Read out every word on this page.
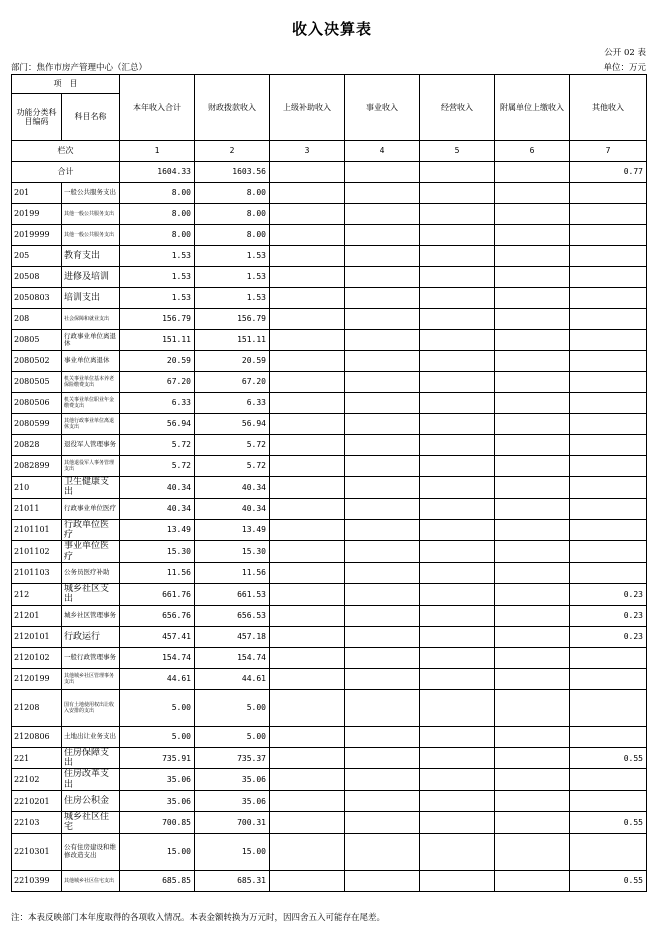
收入决算表
公开 02 表
部门：焦作市房产管理中心（汇总）	单位：万元
项　目		本年收入合计	财政拨款收入	上级补助收入	事业收入	经营收入	附属单位上缴收入	其他收入
功能分类科目编码	科目名称							
栏次		1	2	3	4	5	6	7
合计		1604.33	1603.56					0.77
201	一般公共服务支出	8.00	8.00					
20199	其他一般公共服务支出	8.00	8.00					
2019999	其他一般公共服务支出	8.00	8.00					
205	教育支出	1.53	1.53					
20508	进修及培训	1.53	1.53					
2050803	培训支出	1.53	1.53					
208	社会保障和就业支出	156.79	156.79					
20805	行政事业单位离退休	151.11	151.11					
2080502	事业单位离退休	20.59	20.59					
2080505	机关事业单位基本养老保险缴费支出	67.20	67.20					
2080506	机关事业单位职业年金缴费支出	6.33	6.33					
2080599	其他行政事业单位离退休支出	56.94	56.94					
20828	退役军人管理事务	5.72	5.72					
2082899	其他退役军人事务管理支出	5.72	5.72					
210	卫生健康支出	40.34	40.34					
21011	行政事业单位医疗	40.34	40.34					
2101101	行政单位医疗	13.49	13.49					
2101102	事业单位医疗	15.30	15.30					
2101103	公务员医疗补助	11.56	11.56					
212	城乡社区支出	661.76	661.53					0.23
21201	城乡社区管理事务	656.76	656.53					0.23
2120101	行政运行	457.41	457.18					0.23
2120102	一般行政管理事务	154.74	154.74					
2120199	其他城乡社区管理事务支出	44.61	44.61					
21208	国有土地使用权出让收入安排的支出	5.00	5.00					
2120806	土地出让业务支出	5.00	5.00					
221	住房保障支出	735.91	735.37					0.55
22102	住房改革支出	35.06	35.06					
2210201	住房公积金	35.06	35.06					
22103	城乡社区住宅	700.85	700.31					0.55
2210301	公有住房建设和维修改造支出	15.00	15.00					
2210399	其他城乡社区住宅支出	685.85	685.31					0.55
注：本表反映部门本年度取得的各项收入情况。本表金额转换为万元时，因四舍五入可能存在尾差。
